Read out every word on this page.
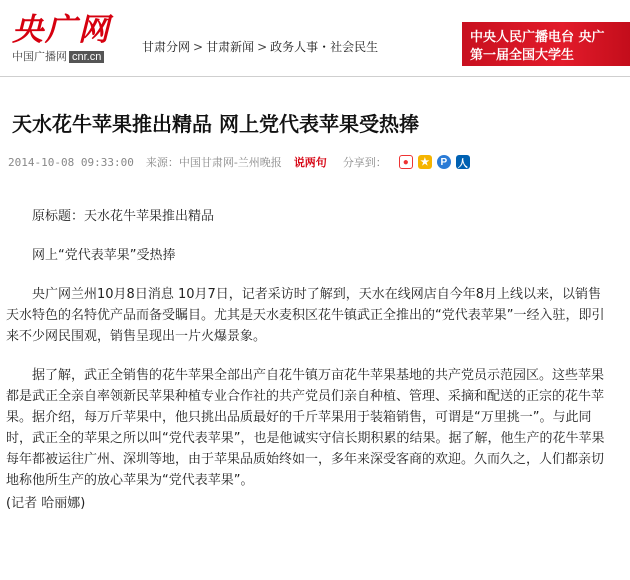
央广网
中国广播网 cnr.cn
甘肃分网 > 甘肃新闻 > 政务人事・社会民生
中央人民广播电台 央广
第一届全国大学生
天水花牛苹果推出精品 网上党代表苹果受热捧
2014-10-08 09:33:00 来源：中国甘肃网-兰州晚报 说两句 分享到：	●	★	P	人

原标题：天水花牛苹果推出精品

网上“党代表苹果”受热捧

央广网兰州10月8日消息 10月7日，记者采访时了解到，天水在线网店自今年8月上线以来，以销售天水特色的名特优产品而备受瞩目。尤其是天水麦积区花牛镇武正全推出的“党代表苹果”一经入驻，即引来不少网民围观，销售呈现出一片火爆景象。

据了解，武正全销售的花牛苹果全部出产自花牛镇万亩花牛苹果基地的共产党员示范园区。这些苹果都是武正全亲自率领新民苹果种植专业合作社的共产党员们亲自种植、管理、采摘和配送的正宗的花牛苹果。据介绍，每万斤苹果中，他只挑出品质最好的千斤苹果用于装箱销售，可谓是“万里挑一”。与此同时，武正全的苹果之所以叫“党代表苹果”，也是他诚实守信长期积累的结果。据了解，他生产的花牛苹果每年都被运往广州、深圳等地，由于苹果品质始终如一，多年来深受客商的欢迎。久而久之，人们都亲切地称他所生产的放心苹果为“党代表苹果”。

(记者 哈丽娜)
